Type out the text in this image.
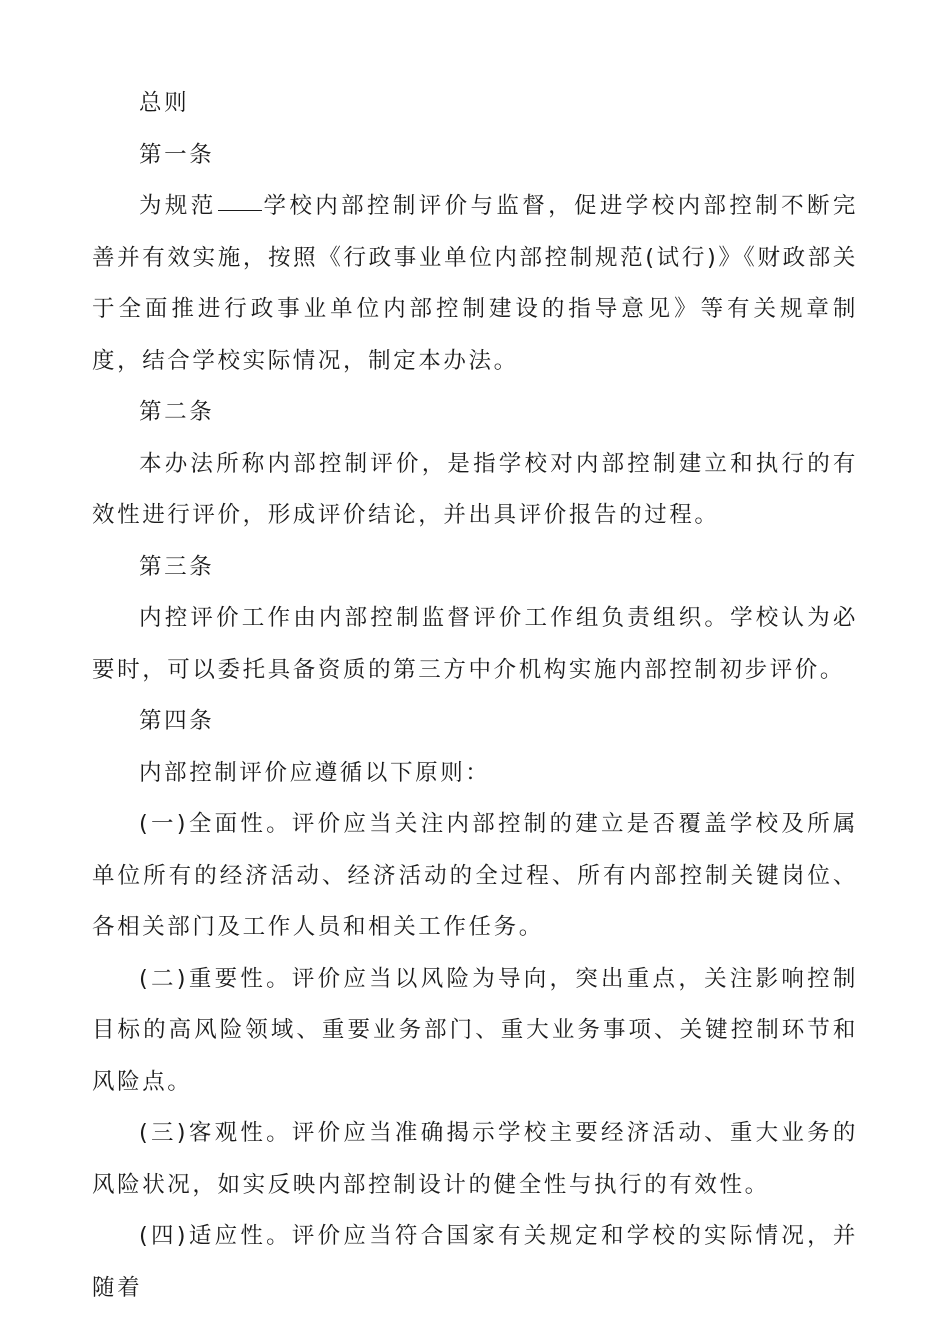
总则

第一条

为规范 学校内部控制评价与监督，促进学校内部控制不断完善并有效实施，按照《行政事业单位内部控制规范(试行)》《财政部关于全面推进行政事业单位内部控制建设的指导意见》等有关规章制度，结合学校实际情况，制定本办法。

第二条

本办法所称内部控制评价，是指学校对内部控制建立和执行的有效性进行评价，形成评价结论，并出具评价报告的过程。

第三条

内控评价工作由内部控制监督评价工作组负责组织。学校认为必要时，可以委托具备资质的第三方中介机构实施内部控制初步评价。

第四条

内部控制评价应遵循以下原则：

(一)全面性。评价应当关注内部控制的建立是否覆盖学校及所属单位所有的经济活动、经济活动的全过程、所有内部控制关键岗位、各相关部门及工作人员和相关工作任务。

(二)重要性。评价应当以风险为导向，突出重点，关注影响控制目标的高风险领域、重要业务部门、重大业务事项、关键控制环节和风险点。

(三)客观性。评价应当准确揭示学校主要经济活动、重大业务的风险状况，如实反映内部控制设计的健全性与执行的有效性。

(四)适应性。评价应当符合国家有关规定和学校的实际情况，并随着
